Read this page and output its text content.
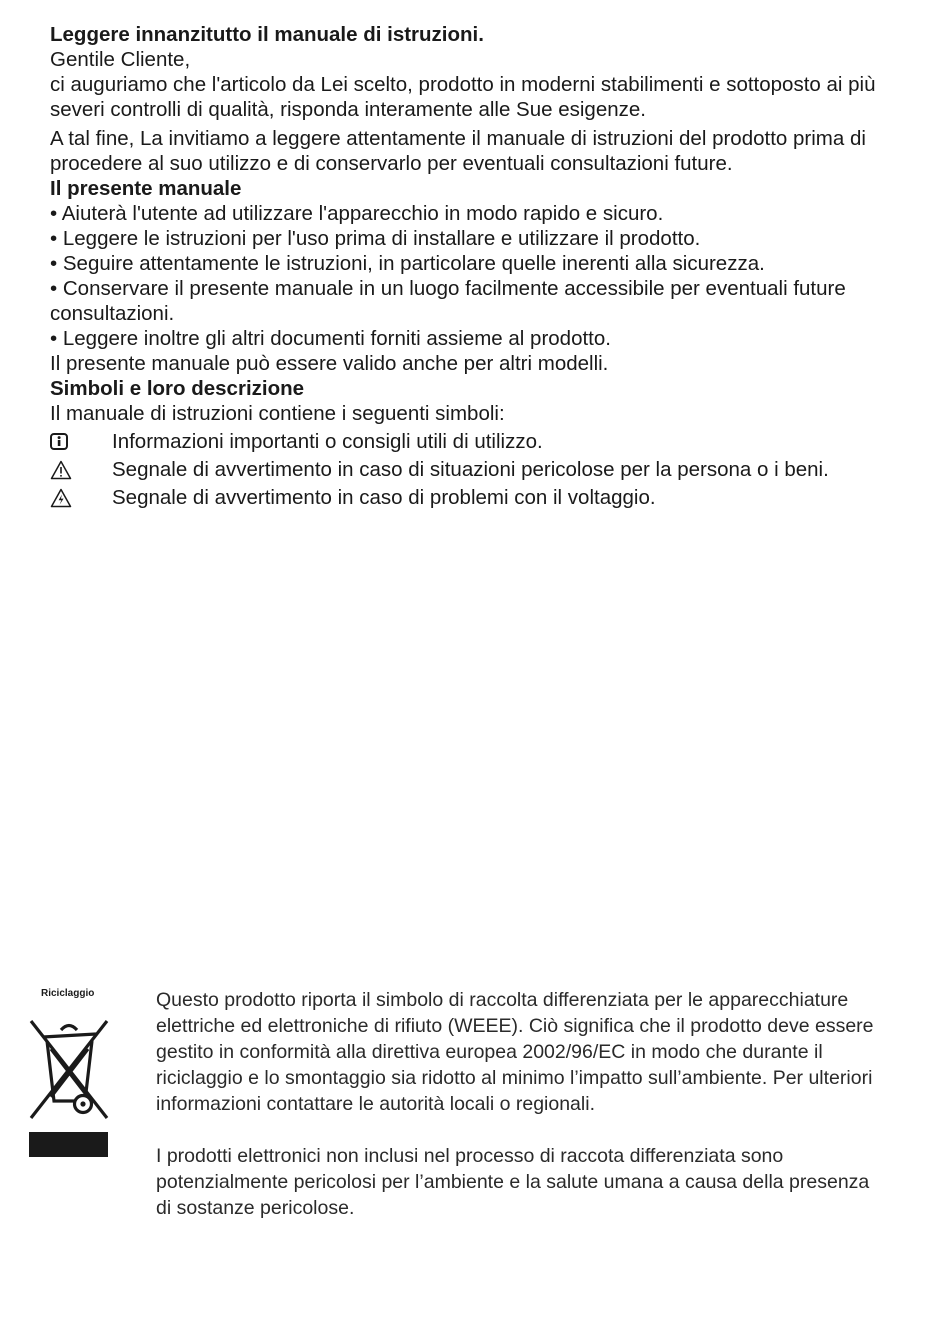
Leggere innanzitutto il manuale di istruzioni.

Gentile Cliente,

ci auguriamo che l'articolo da Lei scelto, prodotto in moderni stabilimenti e sottoposto ai più severi controlli di qualità, risponda interamente alle Sue esigenze.

A tal fine, La invitiamo a leggere attentamente il manuale di istruzioni del prodotto prima di procedere al suo utilizzo e di conservarlo per eventuali consultazioni future.

Il presente manuale

• Aiuterà l'utente ad utilizzare l'apparecchio in modo rapido e sicuro.

• Leggere le istruzioni per l'uso prima di installare e utilizzare il prodotto.

• Seguire attentamente le istruzioni, in particolare quelle inerenti alla sicurezza.

• Conservare il presente manuale in un luogo facilmente accessibile per eventuali future consultazioni.

• Leggere inoltre gli altri documenti forniti assieme al prodotto.

Il presente manuale può essere valido anche per altri modelli.

Simboli e loro descrizione

Il manuale di istruzioni contiene i seguenti simboli:

Informazioni importanti o consigli utili di utilizzo.
Segnale di avvertimento in caso di situazioni pericolose per la persona o i beni.
Segnale di avvertimento in caso di problemi con il voltaggio.
Riciclaggio	Questo prodotto riporta il simbolo di raccolta differenziata per le apparecchiature elettriche ed elettroniche di rifiuto (WEEE). Ciò significa che il prodotto deve essere gestito in conformità alla direttiva europea 2002/96/EC in modo che durante il riciclaggio e lo smontaggio sia ridotto al minimo l’impatto sull’ambiente. Per ulteriori informazioni contattare le autorità locali o regionali.

I prodotti elettronici non inclusi nel processo di raccota differenziata sono potenzialmente pericolosi per l’ambiente e la salute umana a causa della presenza di sostanze pericolose.
